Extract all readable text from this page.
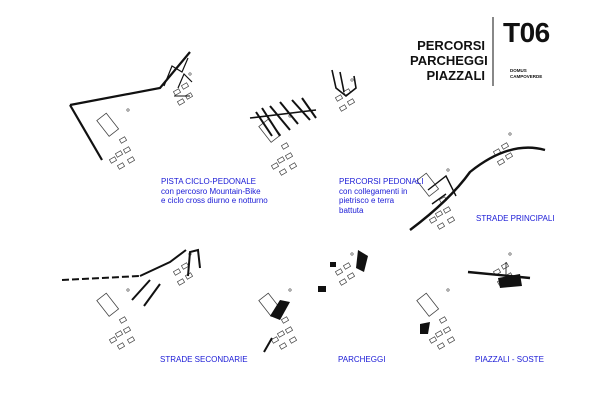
PERCORSI
PARCHEGGI
PIAZZALI
T06
DOMUS
CAMPOVERDE
PISTA CICLO-PEDONALE
con percosro Mountain-Bike
e ciclo cross diurno e notturno
PERCORSI PEDONALI
con collegamenti in
pietrisco e terra
battuta
STRADE PRINCIPALI
STRADE SECONDARIE	PARCHEGGI	PIAZZALI - SOSTE
